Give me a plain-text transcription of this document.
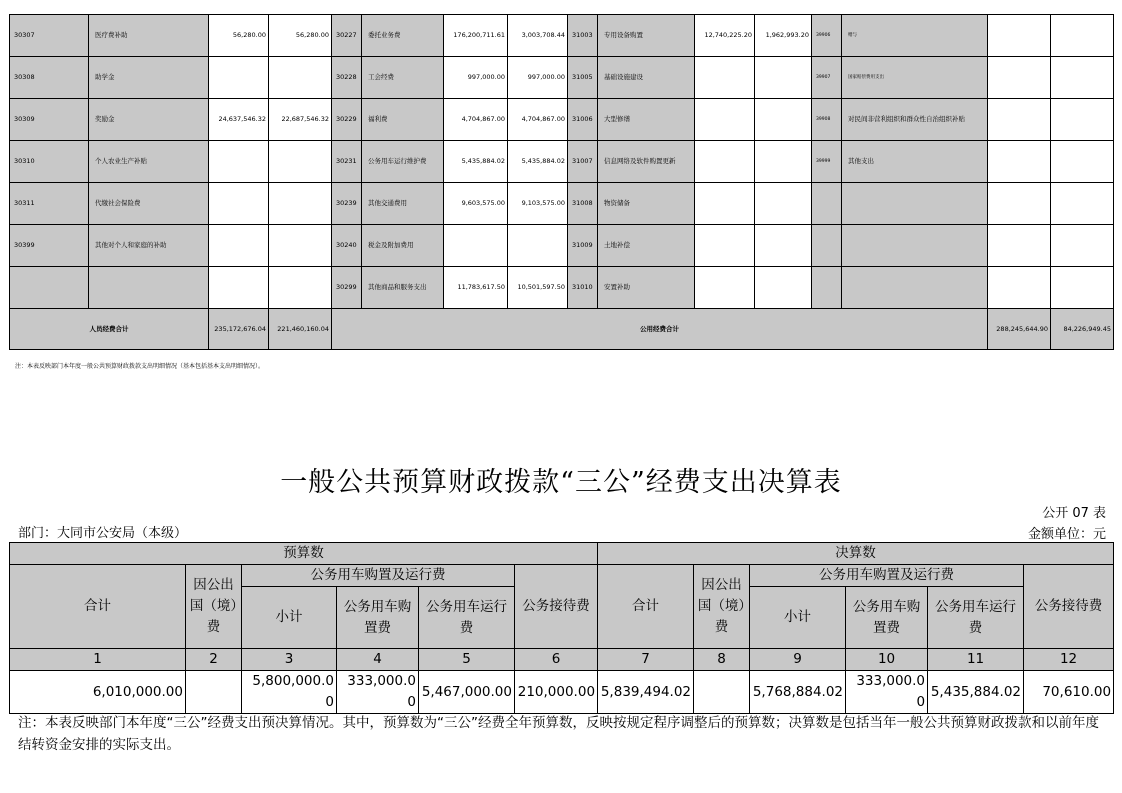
30307	医疗费补助	56,280.00	56,280.00	30227	委托业务费	176,200,711.61	3,003,708.44	31003	专用设备购置	12,740,225.20	1,962,993.20	39906	赠与		
30308	助学金			30228	工会经费	997,000.00	997,000.00	31005	基础设施建设			39907	国家赔偿费用支出		
30309	奖励金	24,637,546.32	22,687,546.32	30229	福利费	4,704,867.00	4,704,867.00	31006	大型修缮			39908	对民间非营利组织和群众性自治组织补贴		
30310	个人农业生产补贴			30231	公务用车运行维护费	5,435,884.02	5,435,884.02	31007	信息网络及软件购置更新			39999	其他支出		
30311	代缴社会保险费			30239	其他交通费用	9,603,575.00	9,103,575.00	31008	物资储备						
30399	其他对个人和家庭的补助			30240	税金及附加费用			31009	土地补偿						
				30299	其他商品和服务支出	11,783,617.50	10,501,597.50	31010	安置补助						
人员经费合计		235,172,676.04	221,460,160.04	公用经费合计										288,245,644.90	84,226,949.45
注：本表反映部门本年度一般公共预算财政拨款支出明细情况（基本包括基本支出明细情况）。
一般公共预算财政拨款“三公”经费支出决算表
公开 07 表
部门：大同市公安局（本级）	金额单位：元
预算数						决算数					
合计	因公出国（境）费	公务用车购置及运行费			公务接待费	合计	因公出国（境）费	公务用车购置及运行费			公务接待费
		小计	公务用车购置费	公务用车运行费				小计	公务用车购置费	公务用车运行费	
1	2	3	4	5	6	7	8	9	10	11	12
6,010,000.00		5,800,000.00	333,000.00	5,467,000.00	210,000.00	5,839,494.02		5,768,884.02	333,000.00	5,435,884.02	70,610.00
注：本表反映部门本年度“三公”经费支出预决算情况。其中，预算数为“三公”经费全年预算数，反映按规定程序调整后的预算数；决算数是包括当年一般公共预算财政拨款和以前年度结转资金安排的实际支出。
